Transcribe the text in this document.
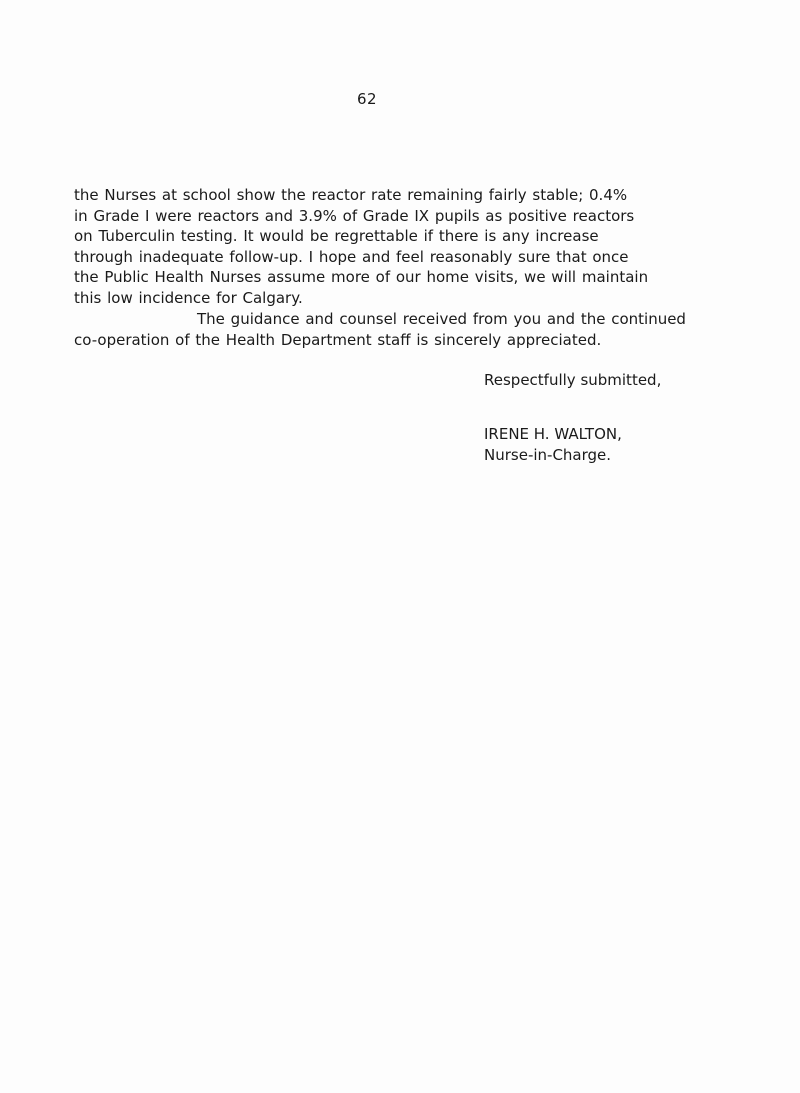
62
the Nurses at school show the reactor rate remaining fairly stable; 0.4%
in Grade I were reactors and 3.9% of Grade IX pupils as positive reactors
on Tuberculin testing. It would be regrettable if there is any increase
through inadequate follow-up. I hope and feel reasonably sure that once
the Public Health Nurses assume more of our home visits, we will maintain
this low incidence for Calgary.
The guidance and counsel received from you and the continued
co-operation of the Health Department staff is sincerely appreciated.
Respectfully submitted,
IRENE H. WALTON,
Nurse-in-Charge.
